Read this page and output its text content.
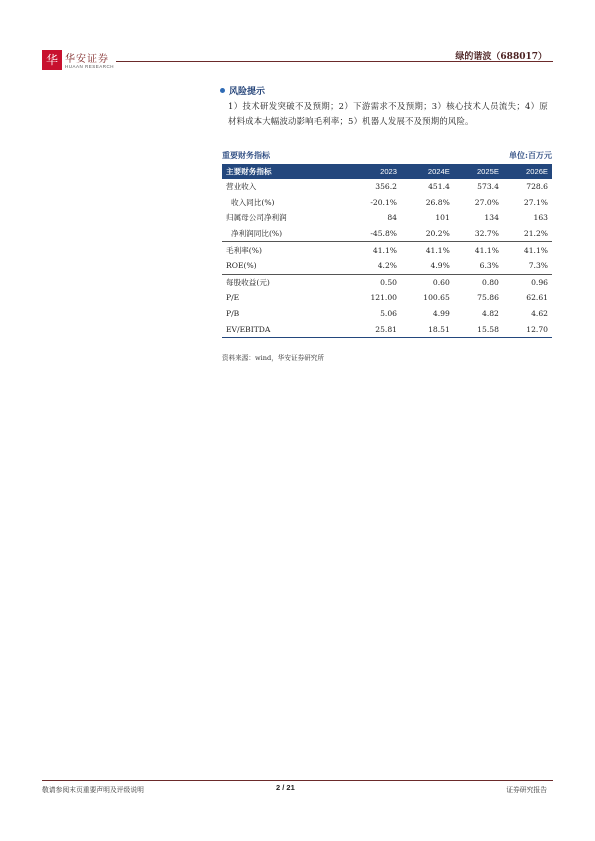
华 华安证券
HUAAN RESEARCH
绿的谐波（688017）
风险提示
1）技术研发突破不及预期；2）下游需求不及预期；3）核心技术人员流失；4）原材料成本大幅波动影响毛利率；5）机器人发展不及预期的风险。
重要财务指标	单位:百万元
主要财务指标	2023	2024E	2025E	2026E
营业收入	356.2	451.4	573.4	728.6
收入同比(%)	-20.1%	26.8%	27.0%	27.1%
归属母公司净利润	84	101	134	163
净利润同比(%)	-45.8%	20.2%	32.7%	21.2%
毛利率(%)	41.1%	41.1%	41.1%	41.1%
ROE(%)	4.2%	4.9%	6.3%	7.3%
每股收益(元)	0.50	0.60	0.80	0.96
P/E	121.00	100.65	75.86	62.61
P/B	5.06	4.99	4.82	4.62
EV/EBITDA	25.81	18.51	15.58	12.70
资料来源：wind，华安证券研究所
敬请参阅末页重要声明及评级说明	2 / 21	证券研究报告
